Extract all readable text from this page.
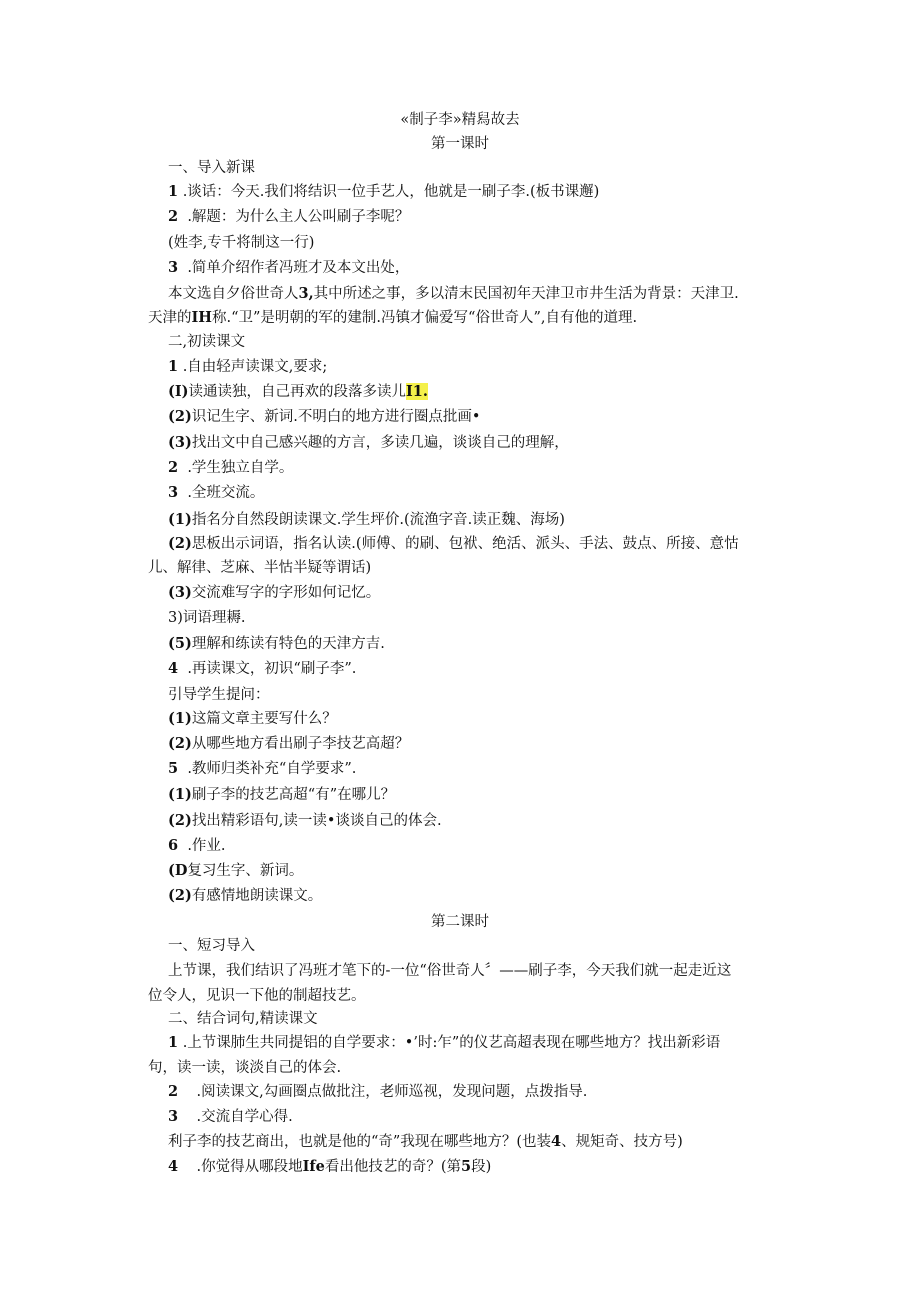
«制子李»精舄故去
第一课时
一、导入新课
1 .谈话：今天.我们将结识一位手艺人，他就是一刷子李.(板书课邂)
2 .解题：为什么主人公叫刷子李呢？
(姓李,专千将制这一行)
3 .简单介绍作者冯班才及本文出处，
本文选自夕俗世奇人3,其中所述之事，多以清末民国初年天津卫市井生活为背景：天津卫.
天津的IH称.“卫”是明朝的军的建制.冯镇才偏爱写“俗世奇人”,自有他的道理.
二,初读课文
1 .自由轻声读课文,要求;
(I)读通读独，自己再欢的段落多读儿I1.
(2)识记生字、新词.不明白的地方进行圈点批画•
(3)找出文中自己感兴趣的方言，多读几遍，谈谈自己的理解，
2 .学生独立自学。
3 .全班交流。
(1)指名分自然段朗读课文.学生坪价.(流渔字音.读正魏、海场)
(2)思板出示词语，指名认读.(师傅、的刷、包袱、绝活、派头、手法、鼓点、所接、意怙
儿、解律、芝麻、半怙半疑等谓话)
(3)交流难写字的字形如何记忆。
3)词语理耨.
(5)理解和练读有特色的天津方吉.
4 .再读课文，初识“刷子李”.
引导学生提问：
(1)这篇文章主要写什么？
(2)从哪些地方看出刷子李技艺高超？
5 .教师归类补充“自学要求”.
(1)刷子李的技艺高超“有”在哪儿？
(2)找出精彩语句,读一读•谈谈自己的体会.
6 .作业.
(D复习生字、新词。
(2)有感情地朗读课文。
第二课时
一、短习导入
上节课，我们结识了冯班才笔下的-一位“俗世奇人〞——刷子李，今天我们就一起走近这
位令人，见识一下他的制超技艺。
二、结合词句,精读课文
1 .上节课肺生共同提铝的自学要求：•’时:乍”的仪艺高超表现在哪些地方？找出新彩语
句，读一读，谈淡自己的体会.
2 .阅读课文,勾画圈点做批注，老师巡视，发现问题，点拨指导.
3 .交流自学心得.
利子李的技艺商出，也就是他的“奇”我现在哪些地方？(也装4、规矩奇、技方号)
4 .你觉得从哪段地Ife看出他技艺的奇？(第5段)
